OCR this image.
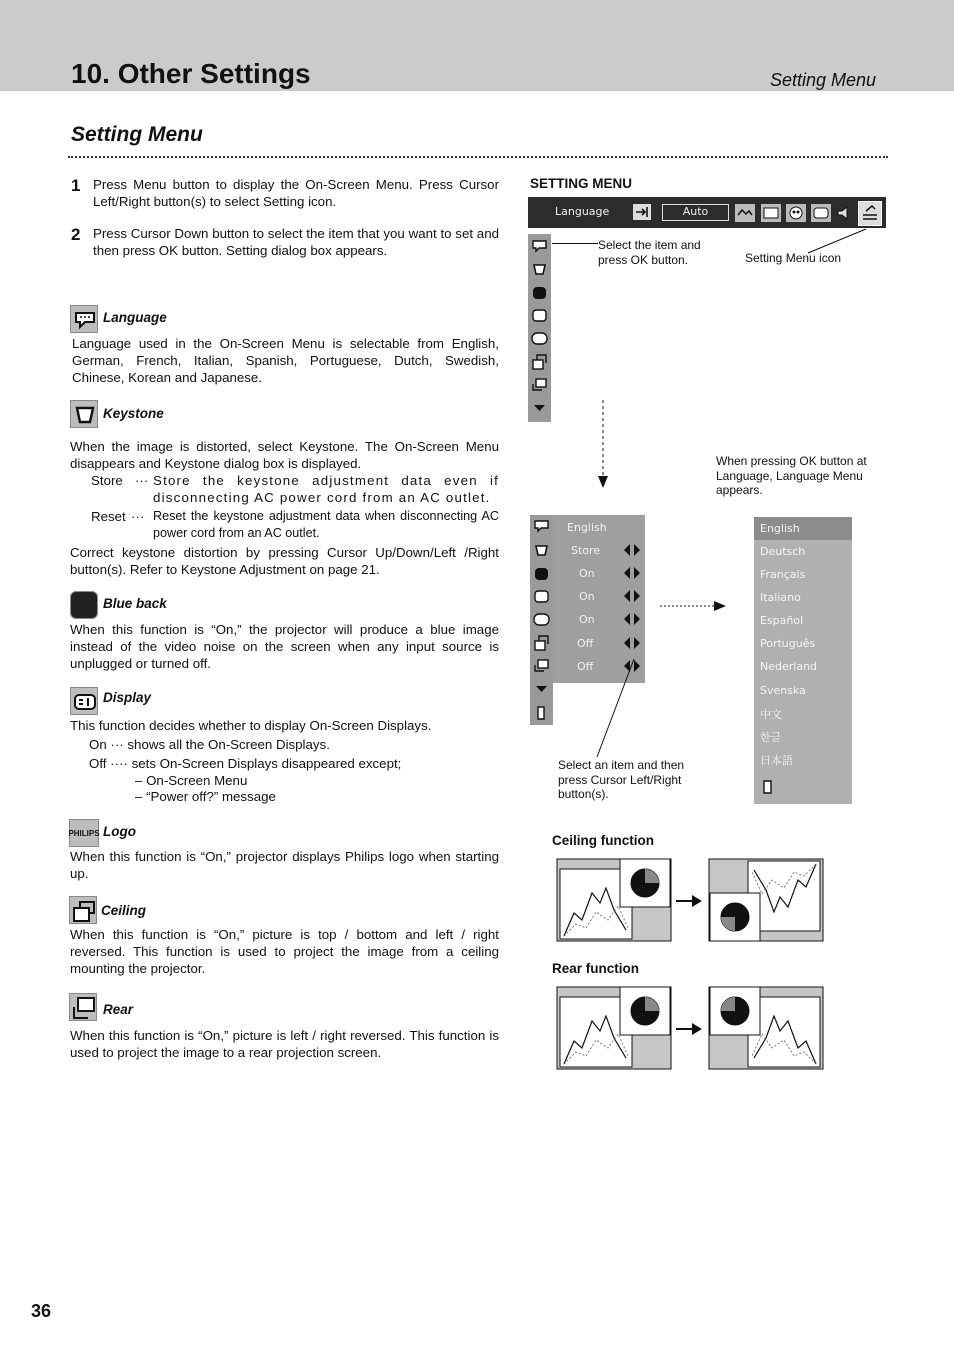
10. Other Settings	Setting Menu
Setting Menu
1 Press Menu button to display the On-Screen Menu. Press Cursor Left/Right button(s) to select Setting icon.
2 Press Cursor Down button to select the item that you want to set and then press OK button. Setting dialog box appears.
Language
Language used in the On-Screen Menu is selectable from English, German, French, Italian, Spanish, Portuguese, Dutch, Swedish, Chinese, Korean and Japanese.
Keystone
When the image is distorted, select Keystone. The On-Screen Menu disappears and Keystone dialog box is displayed.
Store ··· Store the keystone adjustment data even if disconnecting AC power cord from an AC outlet.
Reset ··· Reset the keystone adjustment data when disconnecting AC power cord from an AC outlet.
Correct keystone distortion by pressing Cursor Up/Down/Left /Right button(s). Refer to Keystone Adjustment on page 21.
Blue back
When this function is “On,” the projector will produce a blue image instead of the video noise on the screen when any input source is unplugged or turned off.
Display
This function decides whether to display On-Screen Displays.
On ··· shows all the On-Screen Displays.
Off ···· sets On-Screen Displays disappeared except;
– On-Screen Menu
– “Power off?” message
PHILIPS Logo
When this function is “On,” projector displays Philips logo when starting up.
Ceiling
When this function is “On,” picture is top / bottom and left / right reversed. This function is used to project the image from a ceiling mounting the projector.
Rear
When this function is “On,” picture is left / right reversed. This function is used to project the image to a rear projection screen.
SETTING MENU
Language	Auto
Select the item and press OK button.	Setting Menu icon
When pressing OK button at Language, Language Menu appears.
English
Store
On
On
On
Off
Off
Select an item and then press Cursor Left/Right button(s).
English
Deutsch
Français
Italiano
Español
Português
Nederland
Svenska
中文
한글
日本語
Ceiling function
Rear function
36
